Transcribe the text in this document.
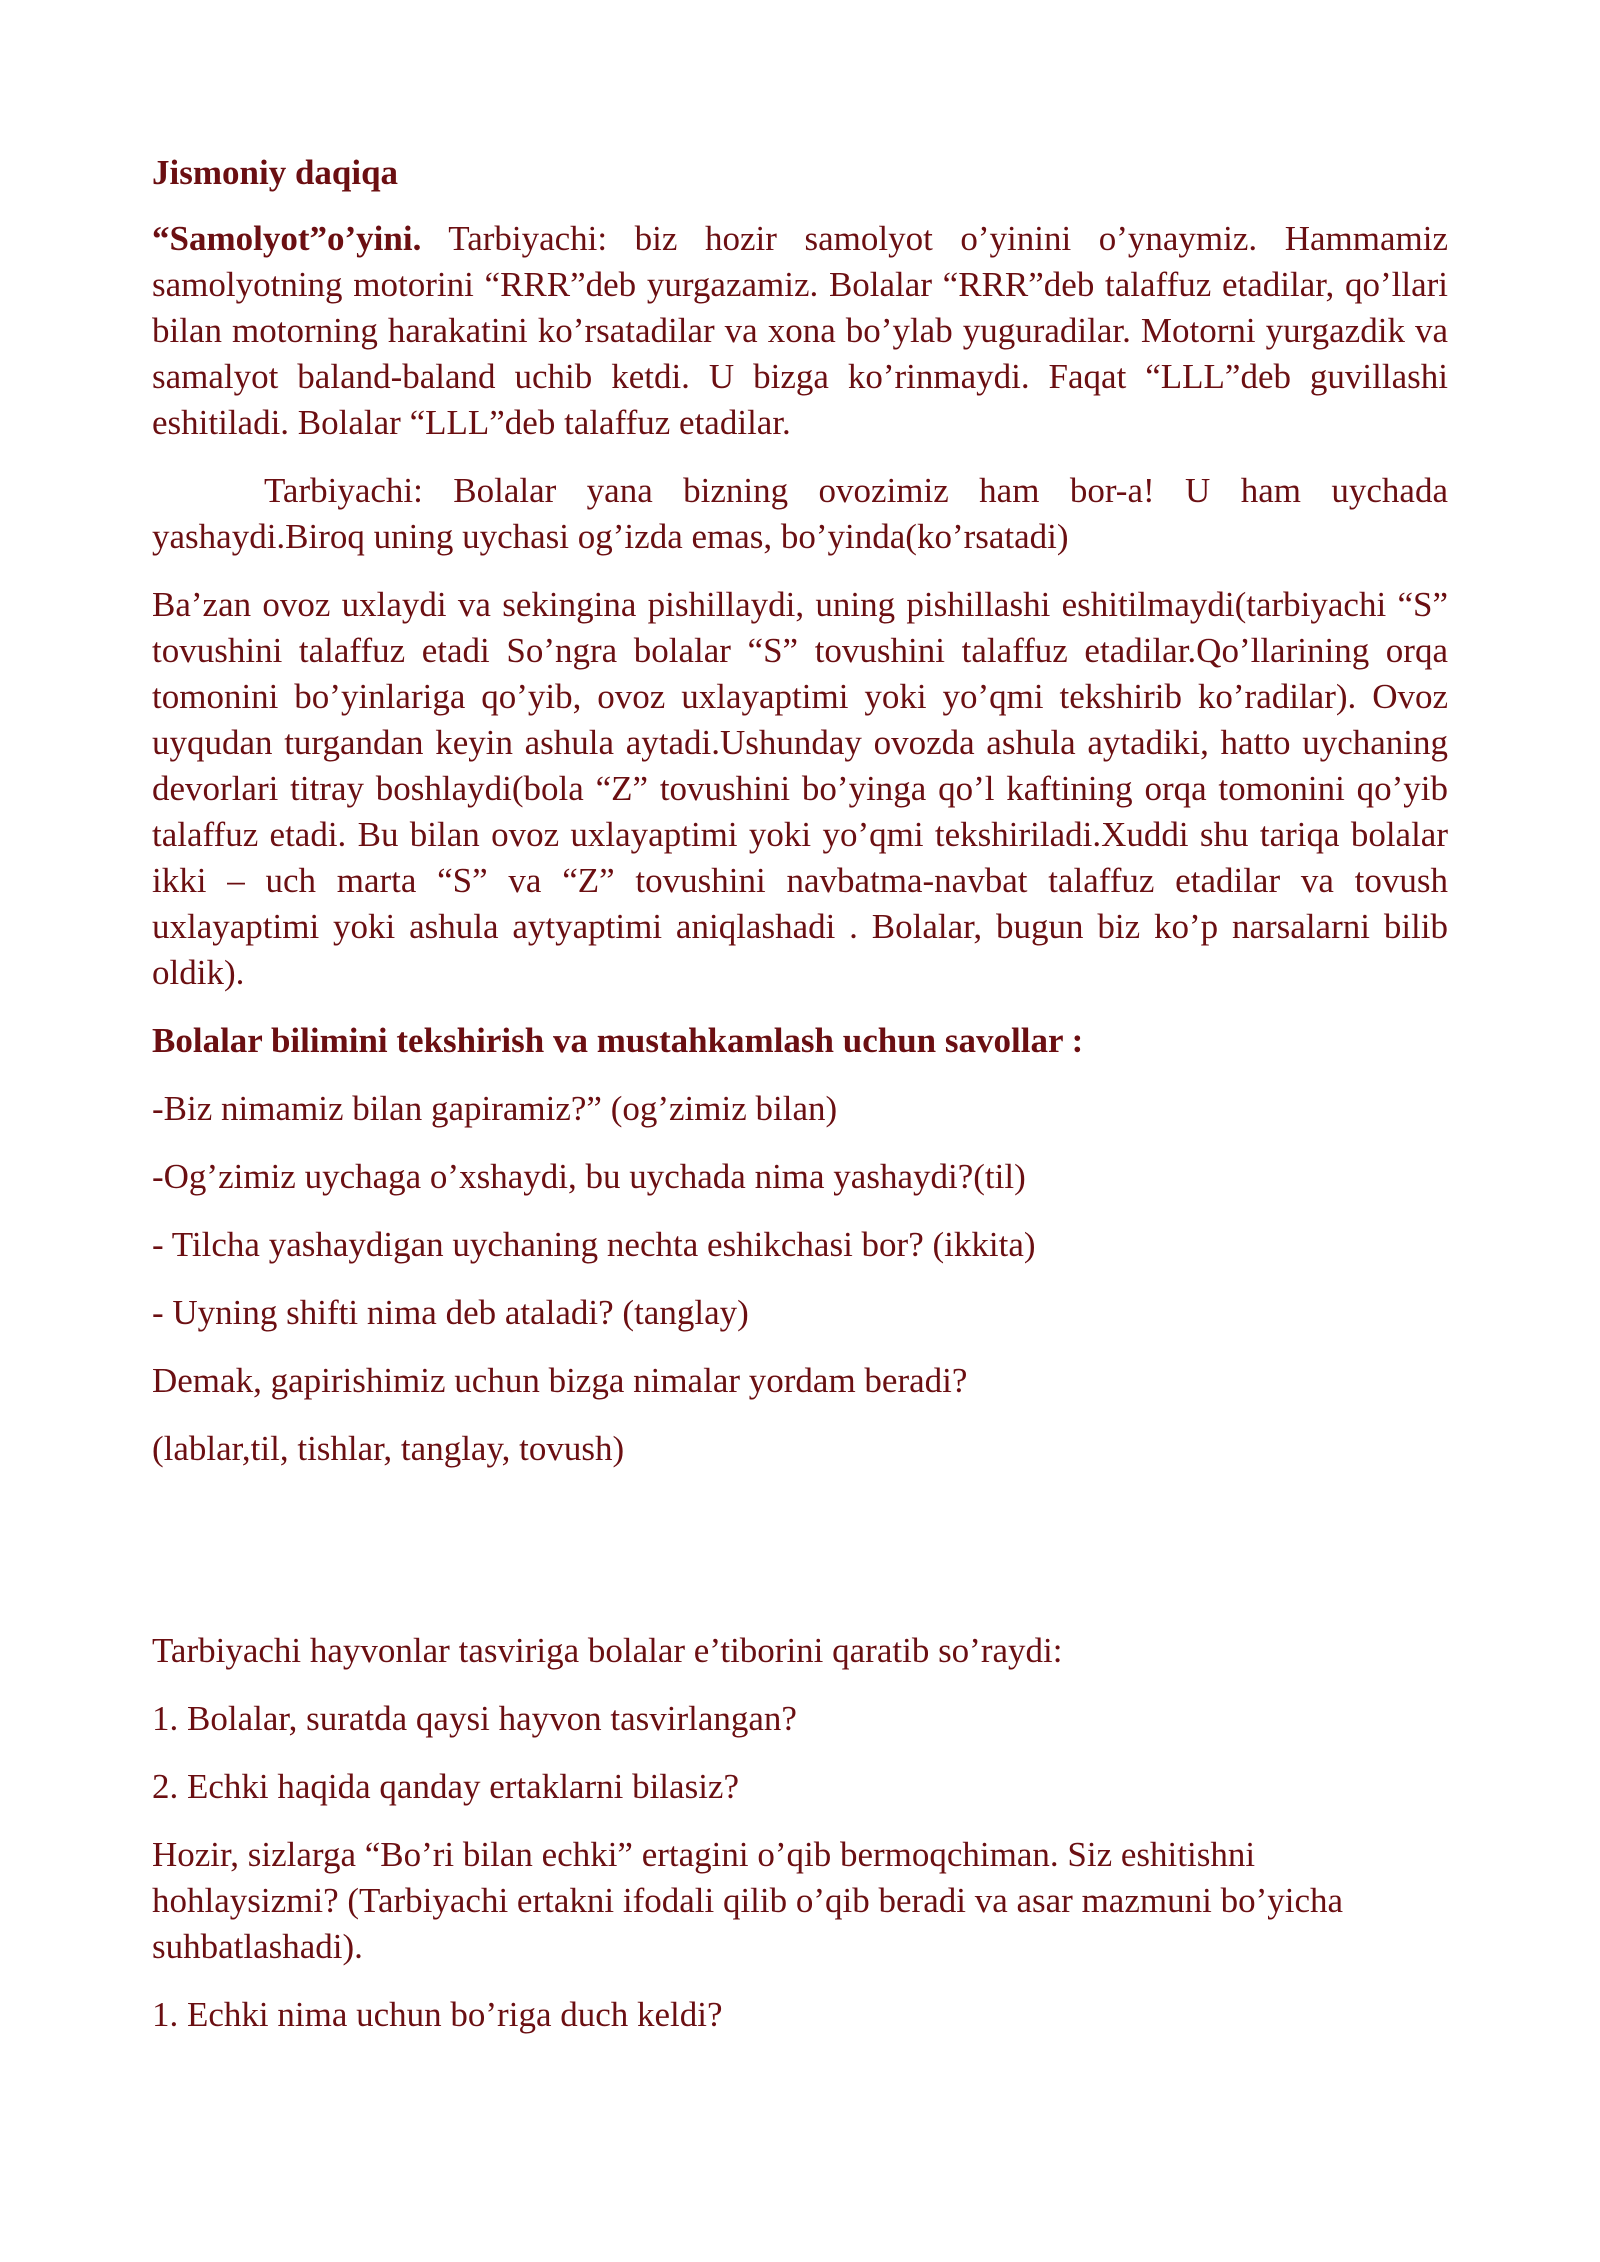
Jismoniy daqiqa

“Samolyot”o’yini. Tarbiyachi: biz hozir samolyot o’yinini o’ynaymiz. Hammamiz samolyotning motorini “RRR”deb yurgazamiz. Bolalar “RRR”deb talaffuz etadilar, qo’llari bilan motorning harakatini ko’rsatadilar va xona bo’ylab yuguradilar. Motorni yurgazdik va samalyot baland-baland uchib ketdi. U bizga ko’rinmaydi. Faqat “LLL”deb guvillashi eshitiladi. Bolalar “LLL”deb talaffuz etadilar.

Tarbiyachi: Bolalar yana bizning ovozimiz ham bor-a! U ham uychada yashaydi.Biroq uning uychasi og’izda emas, bo’yinda(ko’rsatadi)

Ba’zan ovoz uxlaydi va sekingina pishillaydi, uning pishillashi eshitilmaydi(tarbiyachi “S” tovushini talaffuz etadi So’ngra bolalar “S” tovushini talaffuz etadilar.Qo’llarining orqa tomonini bo’yinlariga qo’yib, ovoz uxlayaptimi yoki yo’qmi tekshirib ko’radilar). Ovoz uyqudan turgandan keyin ashula aytadi.Ushunday ovozda ashula aytadiki, hatto uychaning devorlari titray boshlaydi(bola “Z” tovushini bo’yinga qo’l kaftining orqa tomonini qo’yib talaffuz etadi. Bu bilan ovoz uxlayaptimi yoki yo’qmi tekshiriladi.Xuddi shu tariqa bolalar ikki – uch marta “S” va “Z” tovushini navbatma-navbat talaffuz etadilar va tovush uxlayaptimi yoki ashula aytyaptimi aniqlashadi . Bolalar, bugun biz ko’p narsalarni bilib oldik).

Bolalar bilimini tekshirish va mustahkamlash uchun savollar :

-Biz nimamiz bilan gapiramiz?” (og’zimiz bilan)

-Og’zimiz uychaga o’xshaydi, bu uychada nima yashaydi?(til)

- Tilcha yashaydigan uychaning nechta eshikchasi bor? (ikkita)

- Uyning shifti nima deb ataladi? (tanglay)

Demak, gapirishimiz uchun bizga nimalar yordam beradi?

(lablar,til, tishlar, tanglay, tovush)

Tarbiyachi hayvonlar tasviriga bolalar e’tiborini qaratib so’raydi:

1. Bolalar, suratda qaysi hayvon tasvirlangan?

2. Echki haqida qanday ertaklarni bilasiz?

Hozir, sizlarga “Bo’ri bilan echki” ertagini o’qib bermoqchiman. Siz eshitishni hohlaysizmi? (Tarbiyachi ertakni ifodali qilib o’qib beradi va asar mazmuni bo’yicha suhbatlashadi).

1. Echki nima uchun bo’riga duch keldi?
